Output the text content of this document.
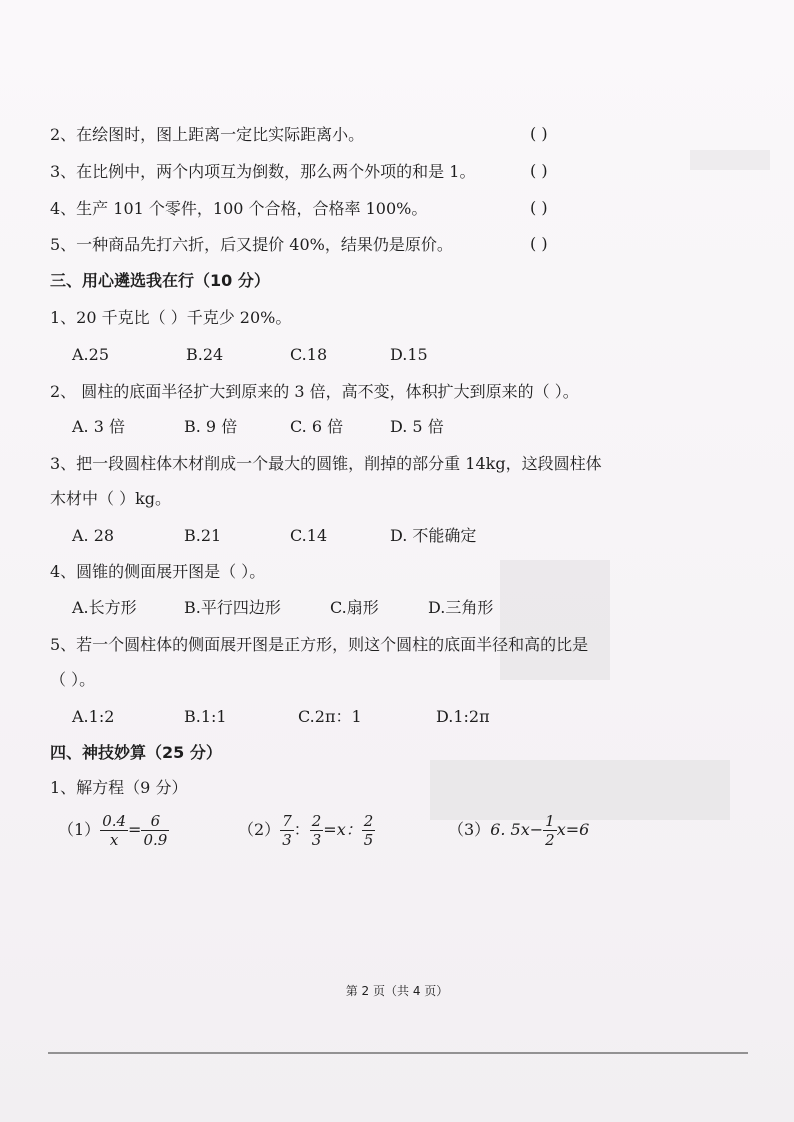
2、在绘图时，图上距离一定比实际距离小。	( )
3、在比例中，两个内项互为倒数，那么两个外项的和是 1。	( )
4、生产 101 个零件，100 个合格，合格率 100%。	( )
5、一种商品先打六折，后又提价 40%，结果仍是原价。	( )
三、用心遴选我在行（10 分）
1、20 千克比（ ）千克少 20%。
A.25	B.24	C.18	D.15
2、 圆柱的底面半径扩大到原来的 3 倍，高不变，体积扩大到原来的（ ）。
A. 3 倍	B. 9 倍	C. 6 倍	D. 5 倍
3、把一段圆柱体木材削成一个最大的圆锥，削掉的部分重 14kg，这段圆柱体
木材中（ ）kg。
A. 28	B.21	C.14	D. 不能确定
4、圆锥的侧面展开图是（ ）。
A.长方形	B.平行四边形	C.扇形	D.三角形
5、若一个圆柱体的侧面展开图是正方形，则这个圆柱的底面半径和高的比是
（ ）。
A.1:2	B.1:1	C.2π：1	D.1:2π
四、神技妙算（25 分）
1、解方程（9 分）
$(1) \frac{0.4}{x} = \frac{6}{0.9}$	$(2) \frac{7}{3}$ ： $\frac{2}{3} =x$： $\frac{2}{5}$	（3）6. $5x- \frac{1}{2} x=6$
第 2 页（共 4 页）
